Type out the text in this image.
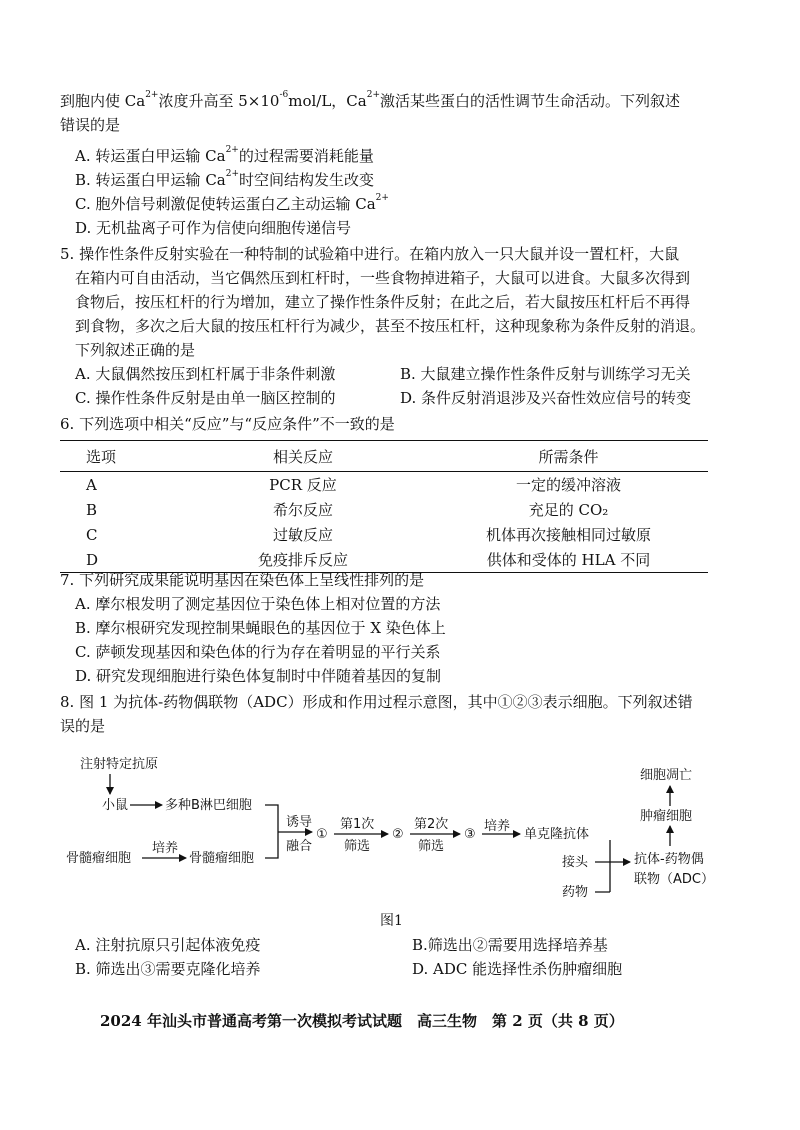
到胞内使 $Ca^{2+}$浓度升高至 $5\times 10^{-6}mol/L$，$Ca^{2+}$激活某些蛋白的活性调节生命活动。下列叙述
错误的是
A. 转运蛋白甲运输 $Ca^{2+}$的过程需要消耗能量
B. 转运蛋白甲运输 $Ca^{2+}$时空间结构发生改变
C. 胞外信号刺激促使转运蛋白乙主动运输 $Ca^{2+}$
D. 无机盐离子可作为信使向细胞传递信号
5. 操作性条件反射实验在一种特制的试验箱中进行。在箱内放入一只大鼠并设一置杠杆，大鼠
在箱内可自由活动，当它偶然压到杠杆时，一些食物掉进箱子，大鼠可以进食。大鼠多次得到
食物后，按压杠杆的行为增加，建立了操作性条件反射；在此之后，若大鼠按压杠杆后不再得
到食物，多次之后大鼠的按压杠杆行为减少，甚至不按压杠杆，这种现象称为条件反射的消退。
下列叙述正确的是
A. 大鼠偶然按压到杠杆属于非条件刺激	B. 大鼠建立操作性条件反射与训练学习无关
C. 操作性条件反射是由单一脑区控制的	D. 条件反射消退涉及兴奋性效应信号的转变
6. 下列选项中相关“反应”与“反应条件”不一致的是
选项	相关反应	所需条件
A	PCR 反应	一定的缓冲溶液
B	希尔反应	充足的 CO₂
C	过敏反应	机体再次接触相同过敏原
D	免疫排斥反应	供体和受体的 HLA 不同
7. 下列研究成果能说明基因在染色体上呈线性排列的是
A. 摩尔根发明了测定基因位于染色体上相对位置的方法
B. 摩尔根研究发现控制果蝇眼色的基因位于 X 染色体上
C. 萨顿发现基因和染色体的行为存在着明显的平行关系
D. 研究发现细胞进行染色体复制时中伴随着基因的复制
8. 图 1 为抗体-药物偶联物（ADC）形成和作用过程示意图，其中①②③表示细胞。下列叙述错
误的是
注射特定抗原
小鼠	多种B淋巴细胞
骨髓瘤细胞
培养
骨髓瘤细胞
诱导
融合
①
第1次
筛选
②
第2次
筛选
③
培养
单克隆抗体
接头
药物
抗体-药物偶
联物（ADC）
肿瘤细胞
细胞凋亡
图1
A. 注射抗原只引起体液免疫	B.筛选出②需要用选择培养基
B. 筛选出③需要克隆化培养	D. ADC 能选择性杀伤肿瘤细胞
2024 年汕头市普通高考第一次模拟考试试题　高三生物　第 2 页（共 8 页）
